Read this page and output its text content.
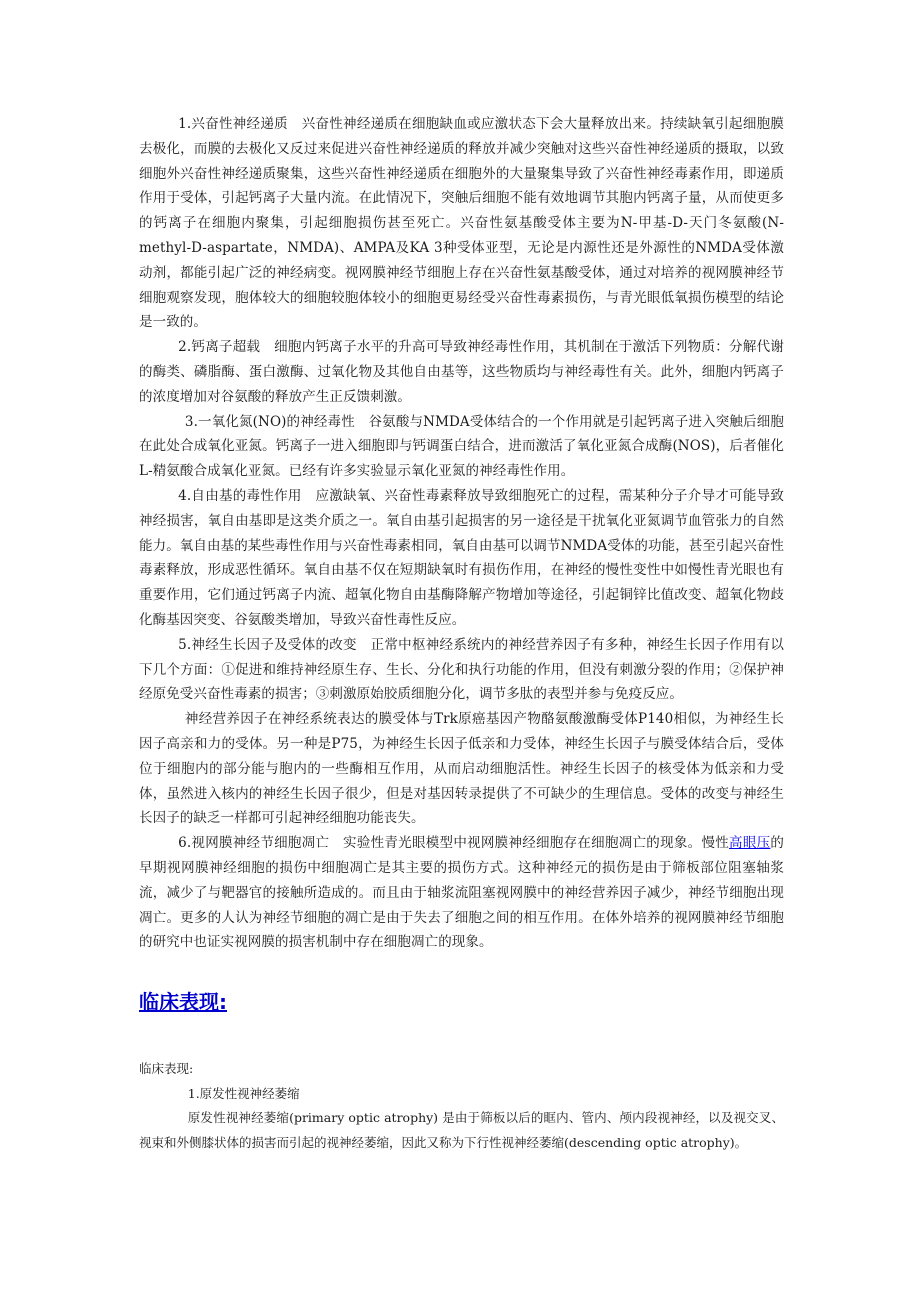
1.兴奋性神经递质　兴奋性神经递质在细胞缺血或应激状态下会大量释放出来。持续缺氧引起细胞膜去极化，而膜的去极化又反过来促进兴奋性神经递质的释放并减少突触对这些兴奋性神经递质的摄取，以致细胞外兴奋性神经递质聚集，这些兴奋性神经递质在细胞外的大量聚集导致了兴奋性神经毒素作用，即递质作用于受体，引起钙离子大量内流。在此情况下，突触后细胞不能有效地调节其胞内钙离子量，从而使更多的钙离子在细胞内聚集，引起细胞损伤甚至死亡。兴奋性氨基酸受体主要为N-甲基-D-天门冬氨酸(N-methyl-D-aspartate，NMDA)、AMPA及KA 3种受体亚型，无论是内源性还是外源性的NMDA受体激动剂，都能引起广泛的神经病变。视网膜神经节细胞上存在兴奋性氨基酸受体，通过对培养的视网膜神经节细胞观察发现，胞体较大的细胞较胞体较小的细胞更易经受兴奋性毒素损伤，与青光眼低氧损伤模型的结论是一致的。

2.钙离子超载　细胞内钙离子水平的升高可导致神经毒性作用，其机制在于激活下列物质：分解代谢的酶类、磷脂酶、蛋白激酶、过氧化物及其他自由基等，这些物质均与神经毒性有关。此外，细胞内钙离子的浓度增加对谷氨酸的释放产生正反馈刺激。

3.一氧化氮(NO)的神经毒性　谷氨酸与NMDA受体结合的一个作用就是引起钙离子进入突触后细胞在此处合成氧化亚氮。钙离子一进入细胞即与钙调蛋白结合，进而激活了氧化亚氮合成酶(NOS)，后者催化L-精氨酸合成氧化亚氮。已经有许多实验显示氧化亚氮的神经毒性作用。

4.自由基的毒性作用　应激缺氧、兴奋性毒素释放导致细胞死亡的过程，需某种分子介导才可能导致神经损害，氧自由基即是这类介质之一。氧自由基引起损害的另一途径是干扰氧化亚氮调节血管张力的自然能力。氧自由基的某些毒性作用与兴奋性毒素相同，氧自由基可以调节NMDA受体的功能，甚至引起兴奋性毒素释放，形成恶性循环。氧自由基不仅在短期缺氧时有损伤作用，在神经的慢性变性中如慢性青光眼也有重要作用，它们通过钙离子内流、超氧化物自由基酶降解产物增加等途径，引起铜锌比值改变、超氧化物歧化酶基因突变、谷氨酸类增加，导致兴奋性毒性反应。

5.神经生长因子及受体的改变　正常中枢神经系统内的神经营养因子有多种，神经生长因子作用有以下几个方面：①促进和维持神经原生存、生长、分化和执行功能的作用，但没有刺激分裂的作用；②保护神经原免受兴奋性毒素的损害；③刺激原始胶质细胞分化，调节多肽的表型并参与免疫反应。

神经营养因子在神经系统表达的膜受体与Trk原癌基因产物酪氨酸激酶受体P140相似，为神经生长因子高亲和力的受体。另一种是P75，为神经生长因子低亲和力受体，神经生长因子与膜受体结合后，受体位于细胞内的部分能与胞内的一些酶相互作用，从而启动细胞活性。神经生长因子的核受体为低亲和力受体，虽然进入核内的神经生长因子很少，但是对基因转录提供了不可缺少的生理信息。受体的改变与神经生长因子的缺乏一样都可引起神经细胞功能丧失。

6.视网膜神经节细胞凋亡　实验性青光眼模型中视网膜神经细胞存在细胞凋亡的现象。慢性高眼压的早期视网膜神经细胞的损伤中细胞凋亡是其主要的损伤方式。这种神经元的损伤是由于筛板部位阻塞轴浆流，减少了与靶器官的接触所造成的。而且由于轴浆流阻塞视网膜中的神经营养因子减少，神经节细胞出现凋亡。更多的人认为神经节细胞的凋亡是由于失去了细胞之间的相互作用。在体外培养的视网膜神经节细胞的研究中也证实视网膜的损害机制中存在细胞凋亡的现象。

临床表现:

临床表现:

1.原发性视神经萎缩

原发性视神经萎缩(primary optic atrophy) 是由于筛板以后的眶内、管内、颅内段视神经，以及视交叉、视束和外侧膝状体的损害而引起的视神经萎缩，因此又称为下行性视神经萎缩(descending optic atrophy)。
